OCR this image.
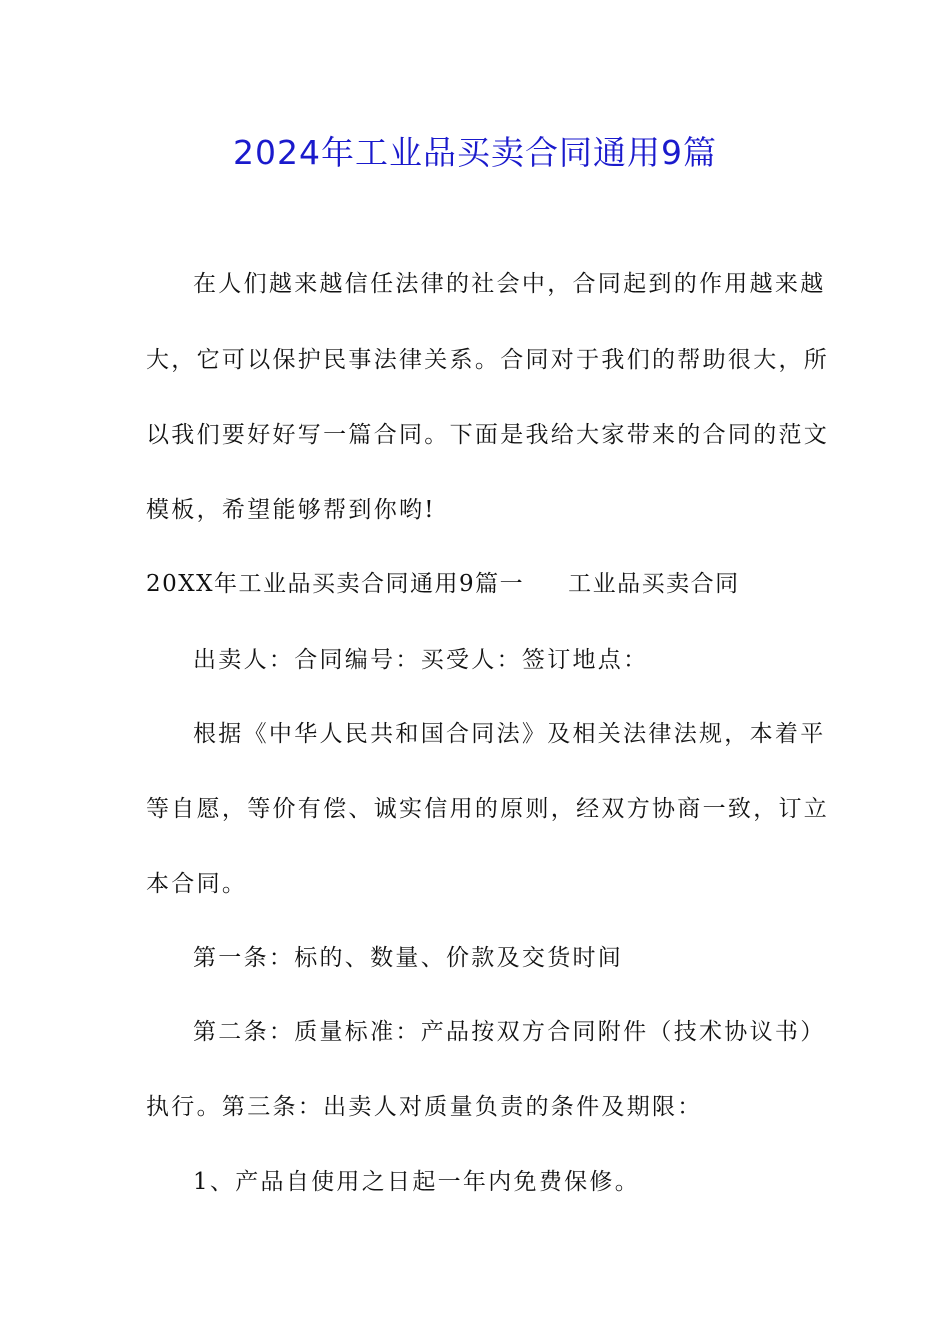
2024年工业品买卖合同通用9篇
在人们越来越信任法律的社会中，合同起到的作用越来越
大，它可以保护民事法律关系。合同对于我们的帮助很大，所
以我们要好好写一篇合同。下面是我给大家带来的合同的范文
模板，希望能够帮到你哟!
20XX年工业品买卖合同通用9篇一 工业品买卖合同
出卖人：合同编号：买受人：签订地点：
根据《中华人民共和国合同法》及相关法律法规，本着平
等自愿，等价有偿、诚实信用的原则，经双方协商一致，订立
本合同。
第一条：标的、数量、价款及交货时间
第二条：质量标准：产品按双方合同附件（技术协议书）
执行。第三条：出卖人对质量负责的条件及期限：
1、产品自使用之日起一年内免费保修。
